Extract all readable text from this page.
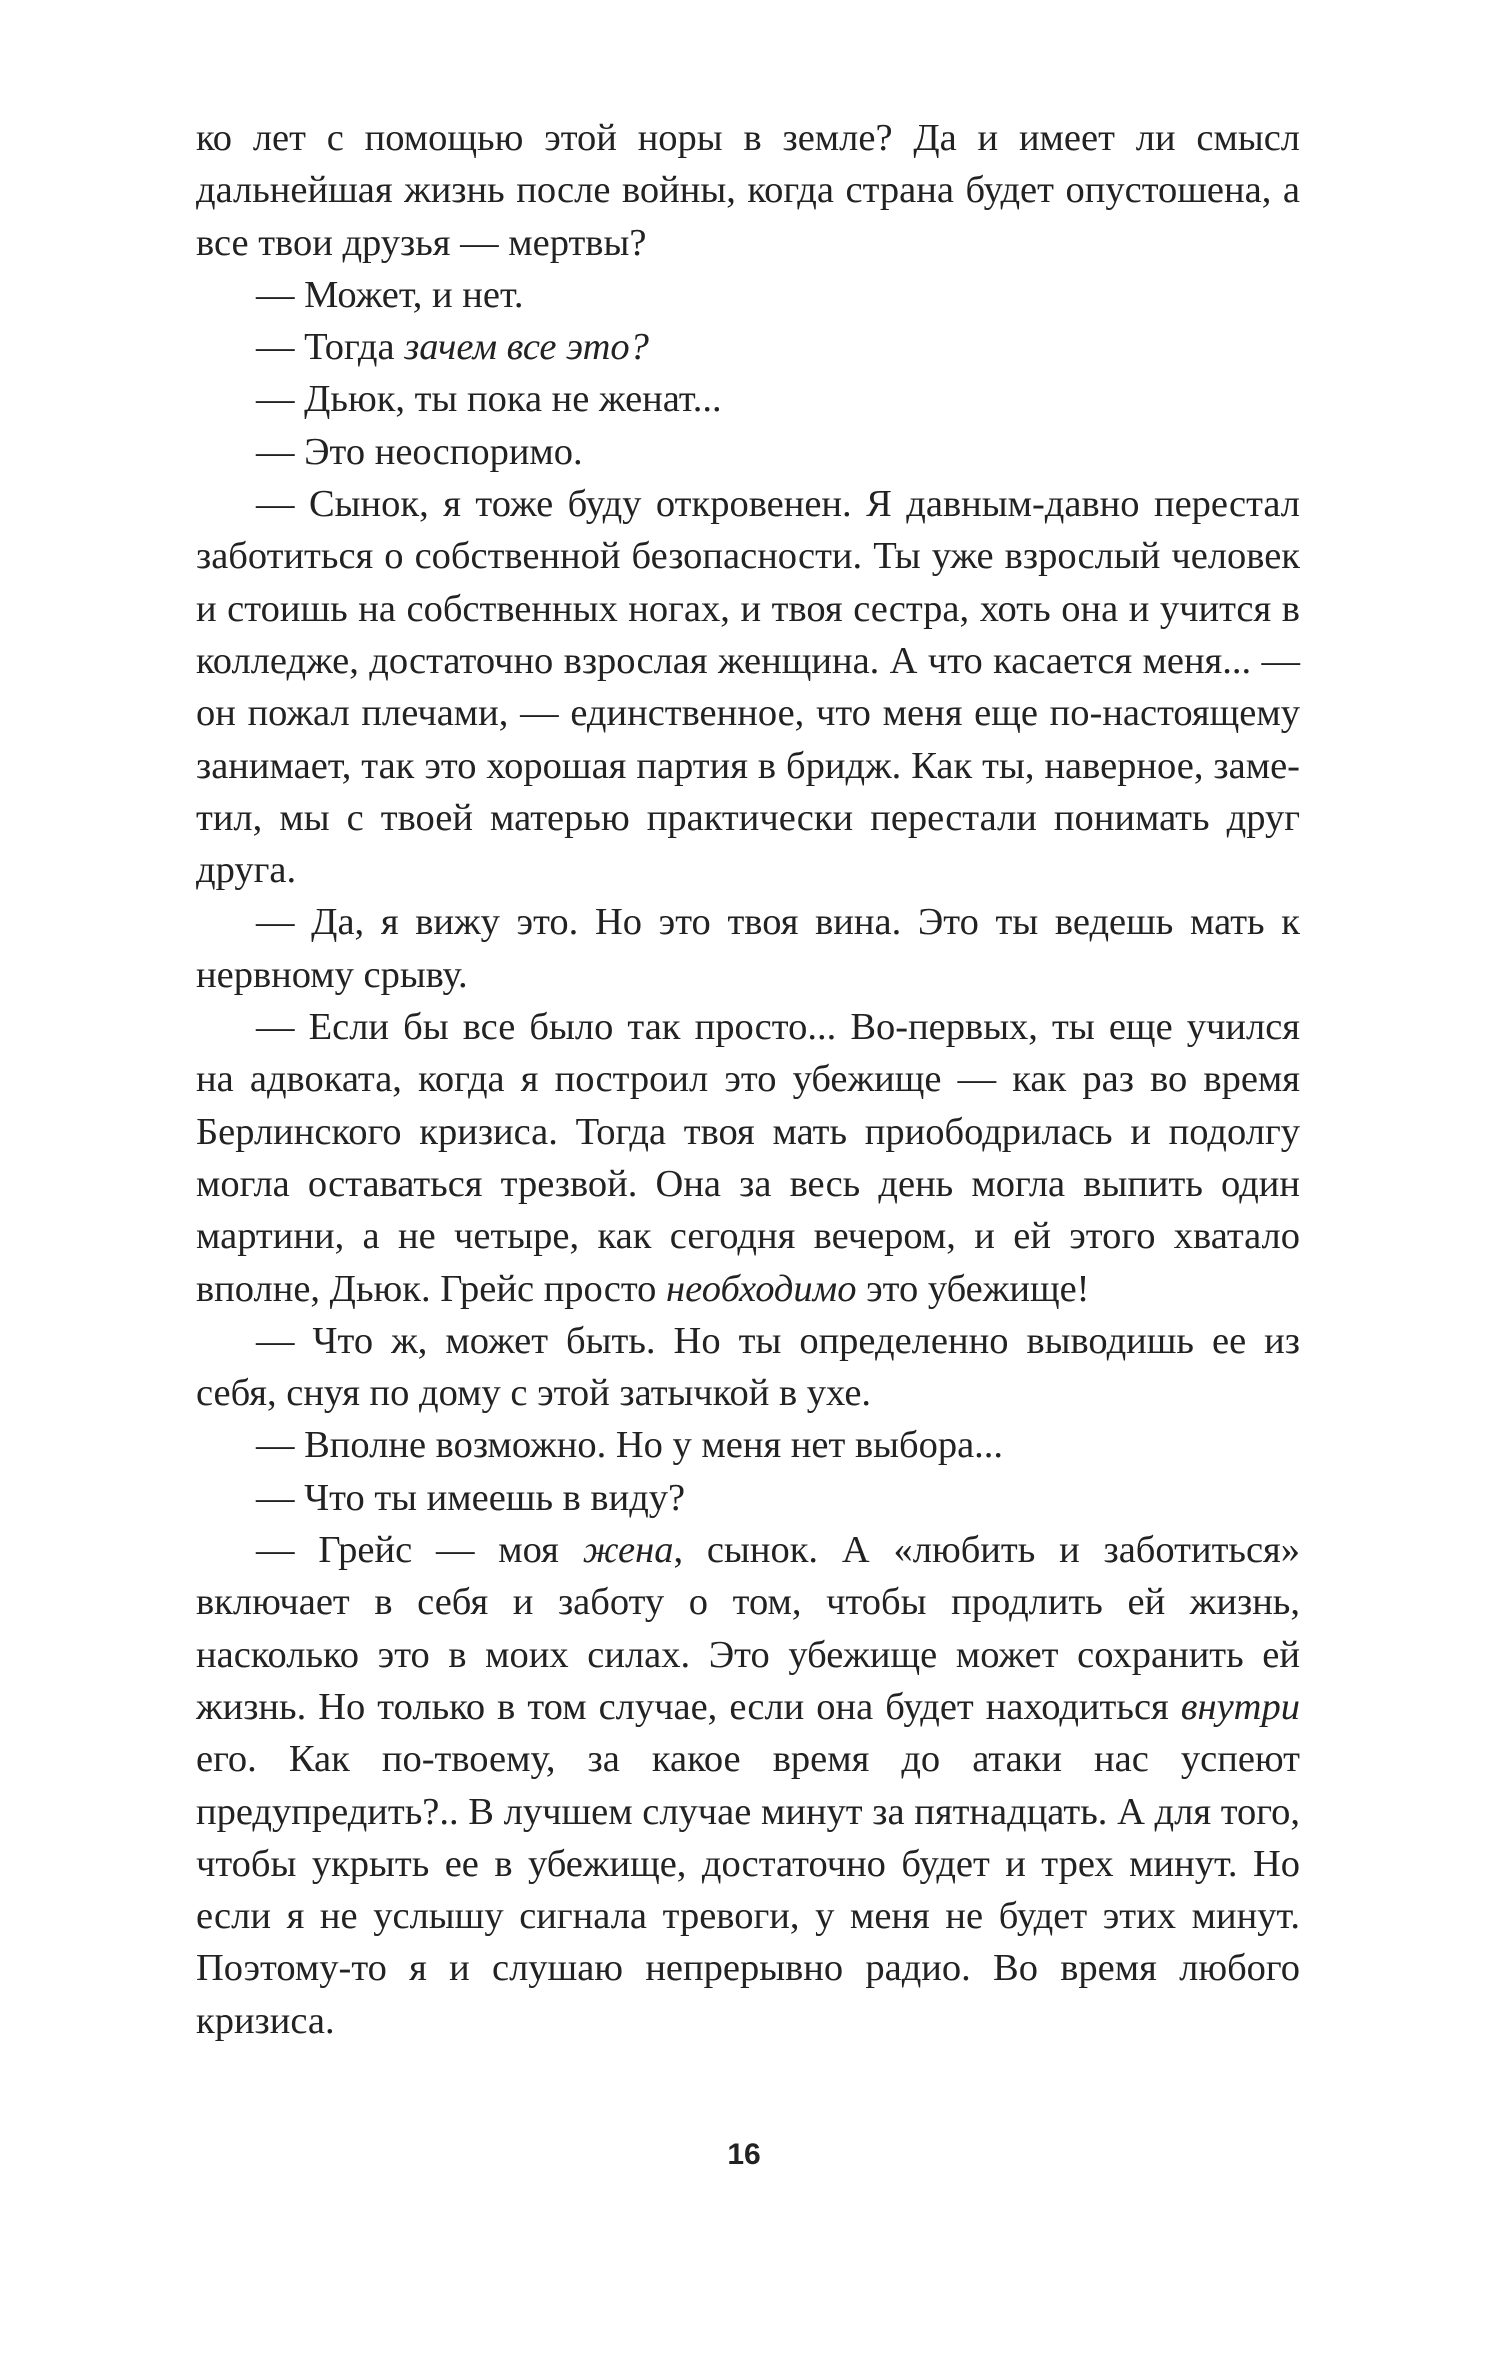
ко лет с помощью этой норы в земле? Да и имеет ли смысл дальнейшая жизнь после войны, когда страна будет опустошена, а все твои друзья — мертвы?

— Может, и нет.

— Тогда зачем все это?

— Дьюк, ты пока не женат...

— Это неоспоримо.

— Сынок, я тоже буду откровенен. Я давным-давно перестал заботиться о собственной безопасности. Ты уже взрослый человек и стоишь на собственных ногах, и твоя сестра, хоть она и учится в колледже, достаточно взрослая женщина. А что касается меня... — он пожал плечами, — единственное, что меня еще по-настоящему занимает, так это хорошая партия в бридж. Как ты, наверное, заметил, мы с твоей матерью практически перестали понимать друг друга.

— Да, я вижу это. Но это твоя вина. Это ты ведешь мать к нервному срыву.

— Если бы все было так просто... Во-первых, ты еще учился на адвоката, когда я построил это убежище — как раз во время Берлинского кризиса. Тогда твоя мать приободрилась и подолгу могла оставаться трезвой. Она за весь день могла выпить один мартини, а не четыре, как сегодня вечером, и ей этого хватало вполне, Дьюк. Грейс просто необходимо это убежище!

— Что ж, может быть. Но ты определенно выводишь ее из себя, снуя по дому с этой затычкой в ухе.

— Вполне возможно. Но у меня нет выбора...

— Что ты имеешь в виду?

— Грейс — моя жена, сынок. А «любить и заботиться» включает в себя и заботу о том, чтобы продлить ей жизнь, насколько это в моих силах. Это убежище может сохранить ей жизнь. Но только в том случае, если она будет находиться внутри его. Как по-твоему, за какое время до атаки нас успеют предупредить?.. В лучшем случае минут за пятнадцать. А для того, чтобы укрыть ее в убежище, достаточно будет и трех минут. Но если я не услышу сигнала тревоги, у меня не будет этих минут. Поэтому-то я и слушаю непрерывно радио. Во время любого кризиса.

16
